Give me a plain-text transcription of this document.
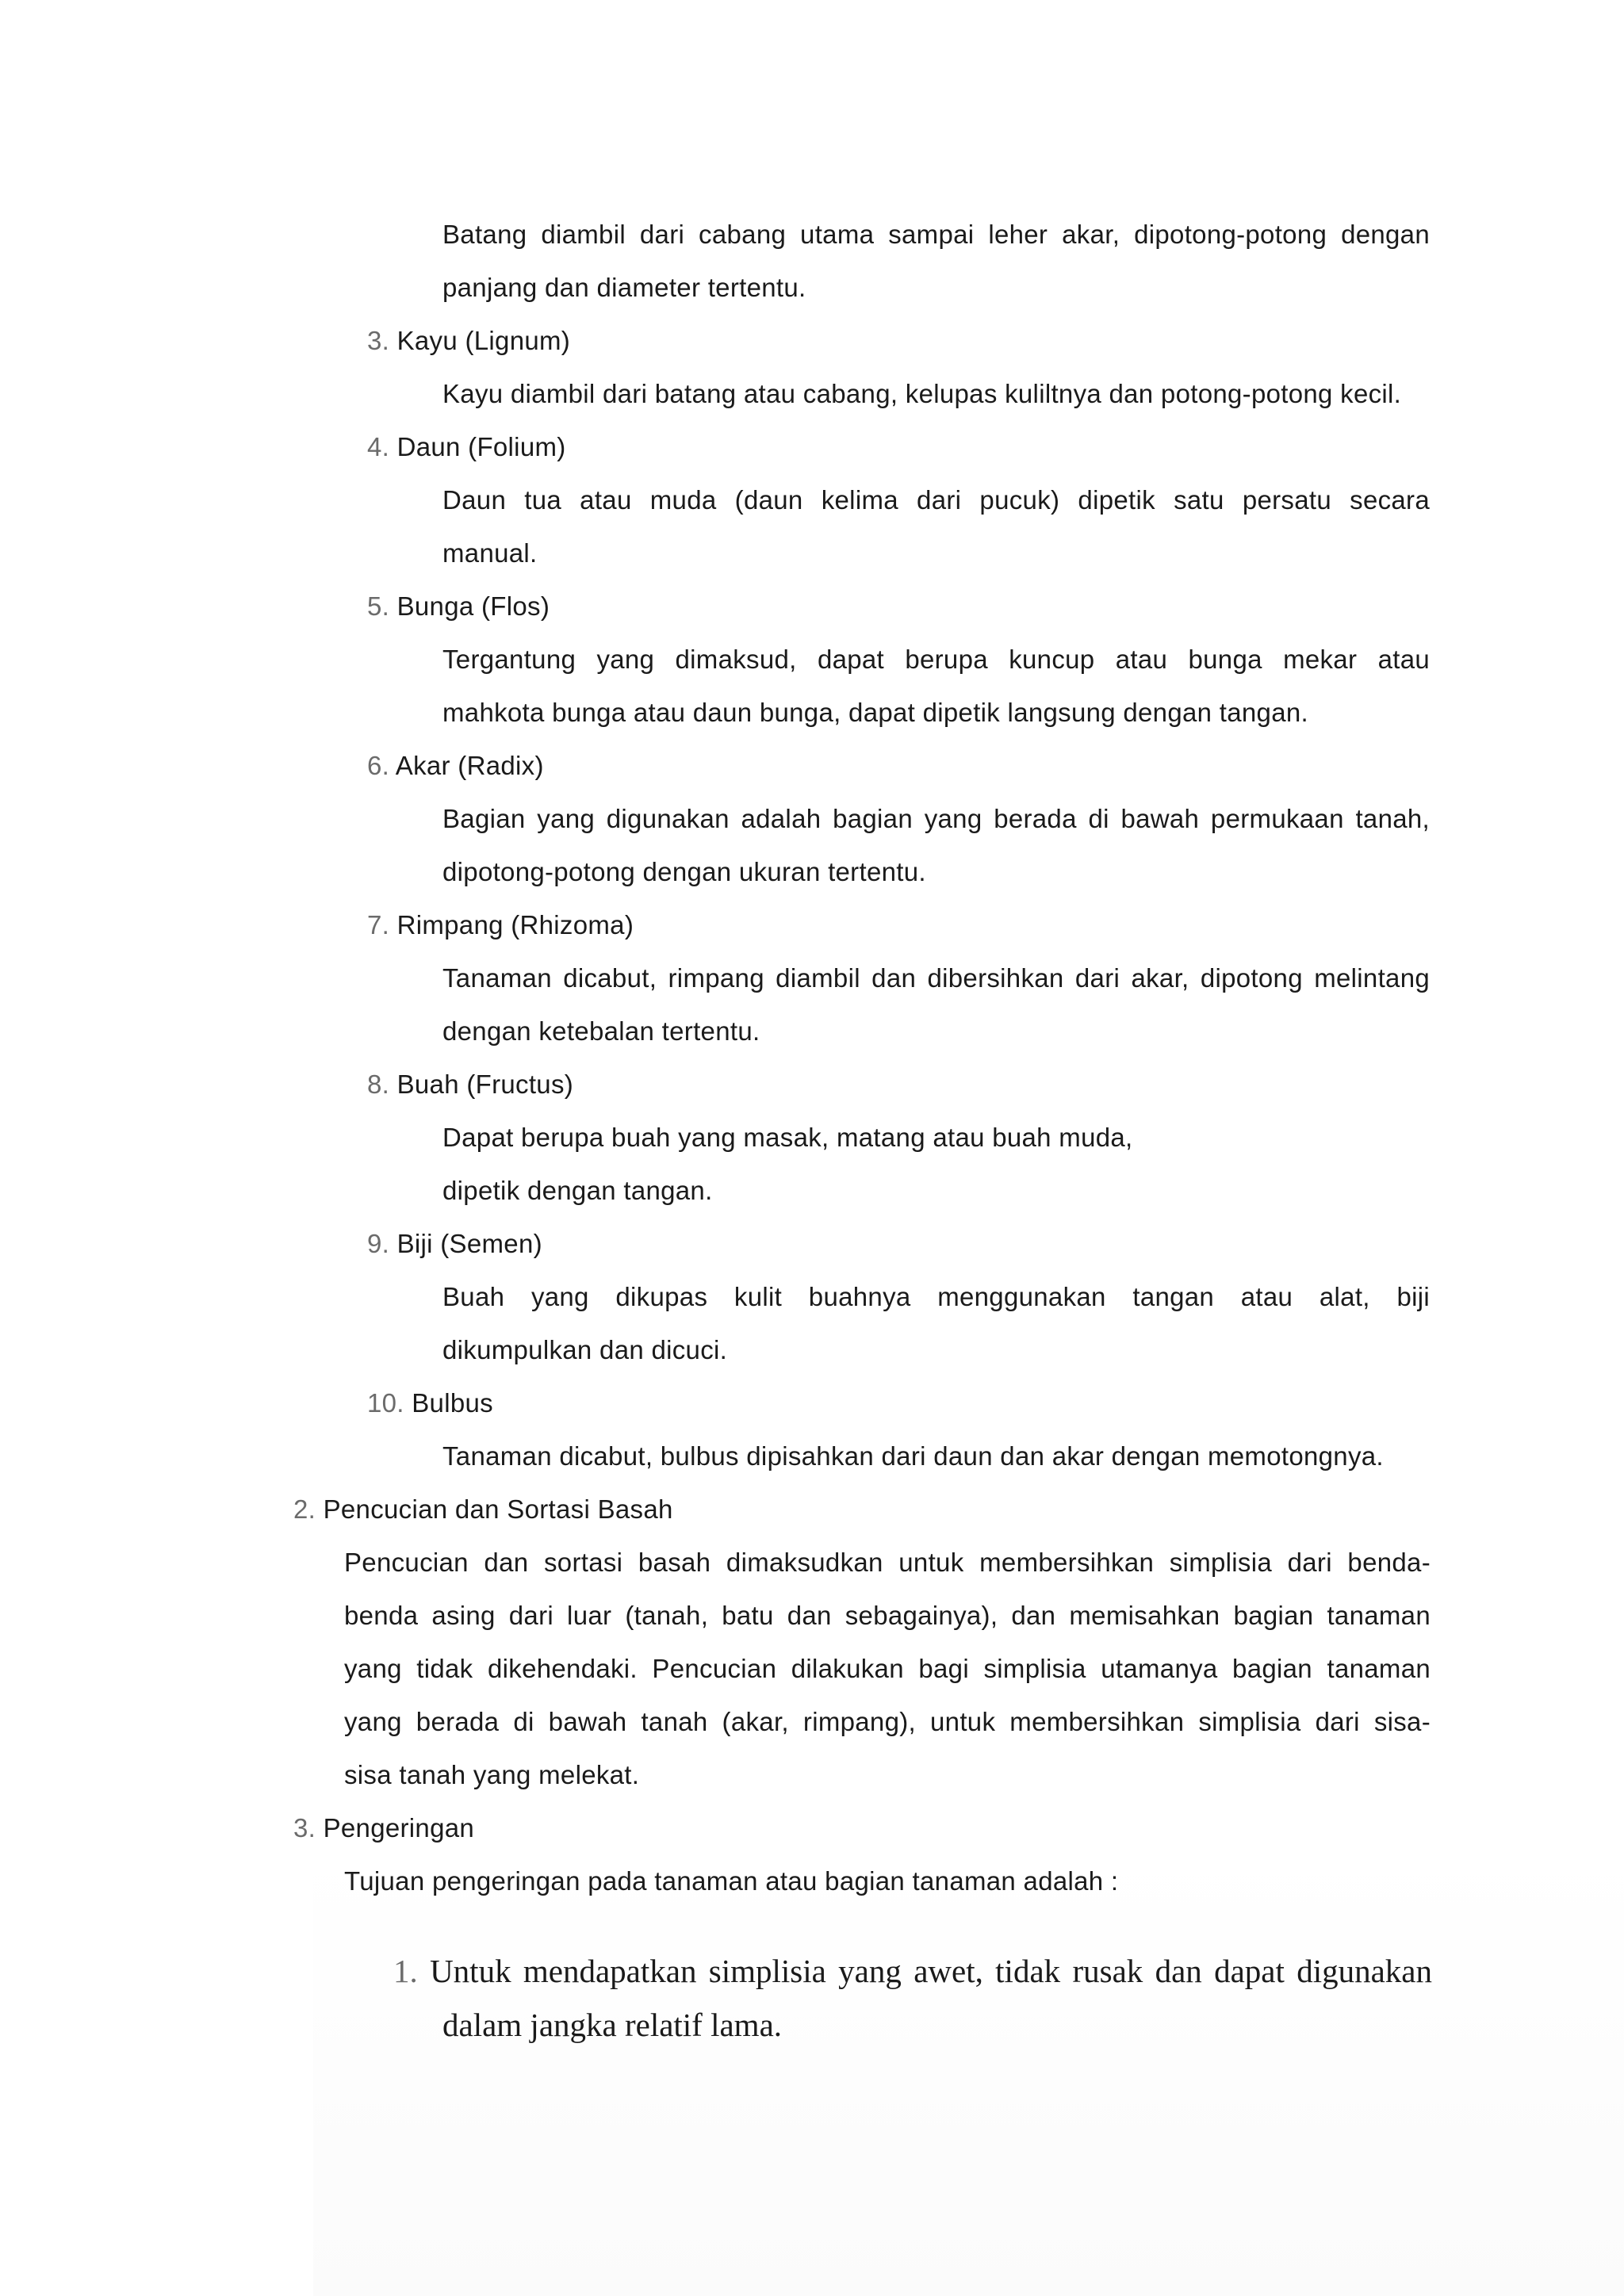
Batang diambil dari cabang utama sampai leher akar, dipotong-potong dengan

panjang dan diameter tertentu.

3. Kayu (Lignum)

Kayu diambil dari batang atau cabang, kelupas kuliltnya dan potong-potong kecil.

4. Daun (Folium)

Daun tua atau muda (daun kelima dari pucuk) dipetik satu persatu secara

manual.

5. Bunga (Flos)

Tergantung yang dimaksud, dapat berupa kuncup atau bunga mekar atau

mahkota bunga atau daun bunga, dapat dipetik langsung dengan tangan.

6. Akar (Radix)

Bagian yang digunakan adalah bagian yang berada di bawah permukaan tanah,

dipotong-potong dengan ukuran tertentu.

7. Rimpang (Rhizoma)

Tanaman dicabut, rimpang diambil dan dibersihkan dari akar, dipotong melintang

dengan ketebalan tertentu.

8. Buah (Fructus)

Dapat berupa buah yang masak, matang atau buah muda,

dipetik dengan tangan.

9. Biji (Semen)

Buah yang dikupas kulit buahnya menggunakan tangan atau alat, biji

dikumpulkan dan dicuci.

10. Bulbus

Tanaman dicabut, bulbus dipisahkan dari daun dan akar dengan memotongnya.

2. Pencucian dan Sortasi Basah

Pencucian dan sortasi basah dimaksudkan untuk membersihkan simplisia dari benda-

benda asing dari luar (tanah, batu dan sebagainya), dan memisahkan bagian tanaman

yang tidak dikehendaki. Pencucian dilakukan bagi simplisia utamanya bagian tanaman

yang berada di bawah tanah (akar, rimpang), untuk membersihkan simplisia dari sisa-

sisa tanah yang melekat.

3. Pengeringan

Tujuan pengeringan pada tanaman atau bagian tanaman adalah :

1. Untuk mendapatkan simplisia yang awet, tidak rusak dan dapat digunakan

dalam jangka relatif lama.
